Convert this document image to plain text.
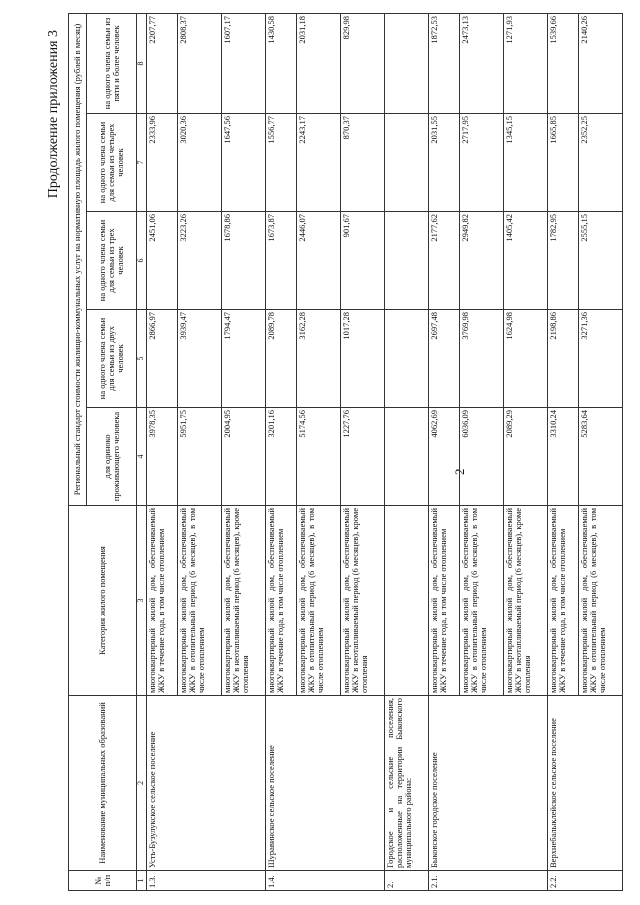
2
Продолжение приложения 3
№ п/п	Наименование муниципальных образований	Категория жилого помещения	Региональный стандарт стоимости жилищно-коммунальных услуг на нормативную площадь жилого помещения (рублей в месяц)				
			для одиноко проживающего человека	на одного члена семьи для семьи из двух человек	на одного члена семьи для семьи из трех человек	на одного члена семьи для семьи из четырех человек	на одного члена семьи из пяти и более человек
1	2	3	4	5	6	7	8
1.3.	Усть-Бузулукское сельское поселение	многоквартирный жилой дом, обеспечиваемый ЖКУ в течение года, в том числе отоплением	3978,35	2866,97	2451,06	2333,96	2207,77
		многоквартирный жилой дом, обеспечиваемый ЖКУ в отопительный период (6 месяцев), в том числе отоплением	5951,75	3939,47	3223,26	3020,36	2808,37
		многоквартирный жилой дом, обеспечиваемый ЖКУ в неотапливаемый период (6 месяцев), кроме отопления	2004,95	1794,47	1678,86	1647,56	1607,17
1.4.	Шуравинское сельское поселение	многоквартирный жилой дом, обеспечиваемый ЖКУ в течение года, в том числе отоплением	3201,16	2089,78	1673,87	1556,77	1430,58
		многоквартирный жилой дом, обеспечиваемый ЖКУ в отопительный период (6 месяцев), в том числе отоплением	5174,56	3162,28	2446,07	2243,17	2031,18
		многоквартирный жилой дом, обеспечиваемый ЖКУ в неотапливаемый период (6 месяцев), кроме отопления	1227,76	1017,28	901,67	870,37	829,98
2.	Городское и сельские поселения, расположенные на территории Быковского муниципального района:						
2.1.	Быковское городское поселение	многоквартирный жилой дом, обеспечиваемый ЖКУ в течение года, в том числе отоплением	4062,69	2697,48	2177,62	2031,55	1872,53
		многоквартирный жилой дом, обеспечиваемый ЖКУ в отопительный период (6 месяцев), в том числе отоплением	6036,09	3769,98	2949,82	2717,95	2473,13
		многоквартирный жилой дом, обеспечиваемый ЖКУ в неотапливаемый период (6 месяцев), кроме отопления	2089,29	1624,98	1405,42	1345,15	1271,93
2.2.	Верхнебалыклейское сельское поселение	многоквартирный жилой дом, обеспечиваемый ЖКУ в течение года, в том числе отоплением	3310,24	2198,86	1782,95	1665,85	1539,66
		многоквартирный жилой дом, обеспечиваемый ЖКУ в отопительный период (6 месяцев), в том числе отоплением	5283,64	3271,36	2555,15	2352,25	2140,26
